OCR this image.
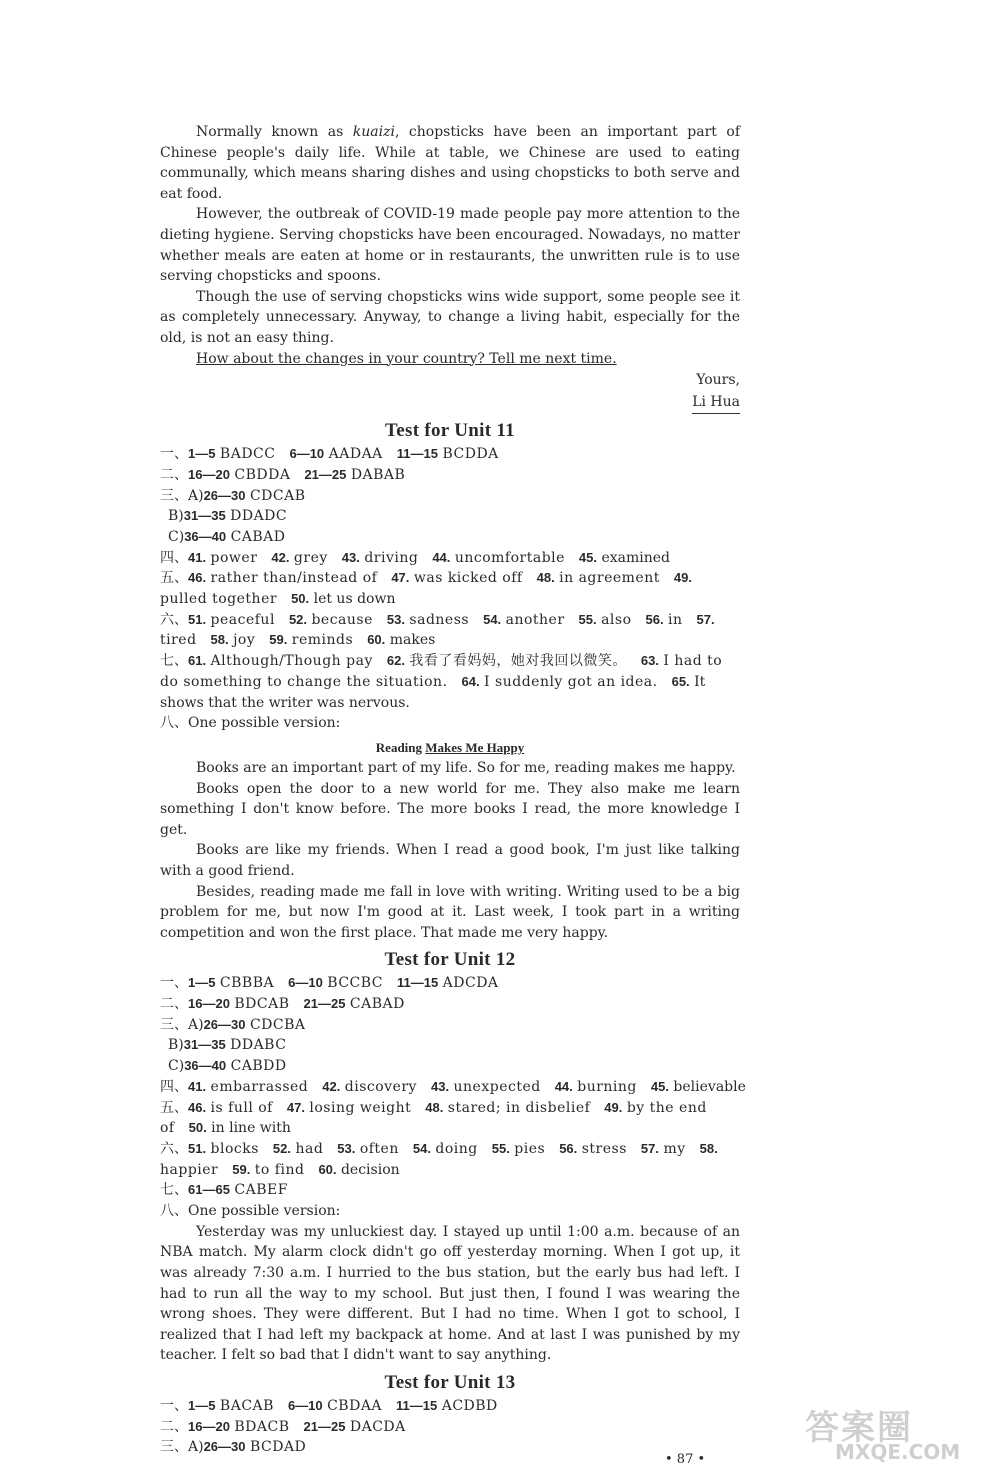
Normally known as kuaizi, chopsticks have been an important part of Chinese people's daily life. While at table, we Chinese are used to eating communally, which means sharing dishes and using chopsticks to both serve and eat food.

However, the outbreak of COVID-19 made people pay more attention to the dieting hygiene. Serving chopsticks have been encouraged. Nowadays, no matter whether meals are eaten at home or in restaurants, the unwritten rule is to use serving chopsticks and spoons.

Though the use of serving chopsticks wins wide support, some people see it as completely unnecessary. Anyway, to change a living habit, especially for the old, is not an easy thing.

How about the changes in your country? Tell me next time.

Yours,
Li Hua
Test for Unit 11

一、1—5 BADCC 6—10 AADAA 11—15 BCDDA

二、16—20 CBDDA 21—25 DABAB

三、A)26—30 CDCAB

B)31—35 DDADC

C)36—40 CABAD

四、41. power 42. grey 43. driving 44. uncomfortable 45. examined

五、46. rather than/instead of 47. was kicked off 48. in agreement 49. pulled together 50. let us down

六、51. peaceful 52. because 53. sadness 54. another 55. also 56. in 57. tired 58. joy 59. reminds 60. makes

七、61. Although/Though pay 62. 我看了看妈妈，她对我回以微笑。 63. I had to do something to change the situation. 64. I suddenly got an idea. 65. It shows that the writer was nervous.

八、One possible version:

Reading Makes Me Happy

Books are an important part of my life. So for me, reading makes me happy.

Books open the door to a new world for me. They also make me learn something I don't know before. The more books I read, the more knowledge I get.

Books are like my friends. When I read a good book, I'm just like talking with a good friend.

Besides, reading made me fall in love with writing. Writing used to be a big problem for me, but now I'm good at it. Last week, I took part in a writing competition and won the first place. That made me very happy.

Test for Unit 12

一、1—5 CBBBA 6—10 BCCBC 11—15 ADCDA

二、16—20 BDCAB 21—25 CABAD

三、A)26—30 CDCBA

B)31—35 DDABC

C)36—40 CABDD

四、41. embarrassed 42. discovery 43. unexpected 44. burning 45. believable

五、46. is full of 47. losing weight 48. stared; in disbelief 49. by the end of 50. in line with

六、51. blocks 52. had 53. often 54. doing 55. pies 56. stress 57. my 58. happier 59. to find 60. decision

七、61—65 CABEF

八、One possible version:

Yesterday was my unluckiest day. I stayed up until 1:00 a.m. because of an NBA match. My alarm clock didn't go off yesterday morning. When I got up, it was already 7:30 a.m. I hurried to the bus station, but the early bus had left. I had to run all the way to my school. But just then, I found I was wearing the wrong shoes. They were different. But I had no time. When I got to school, I realized that I had left my backpack at home. And at last I was punished by my teacher. I felt so bad that I didn't want to say anything.

Test for Unit 13

一、1—5 BACAB 6—10 CBDAA 11—15 ACDBD

二、16—20 BDACB 21—25 DACDA

三、A)26—30 BCDAD

• 87 •
答案圈
MXQE.COM
